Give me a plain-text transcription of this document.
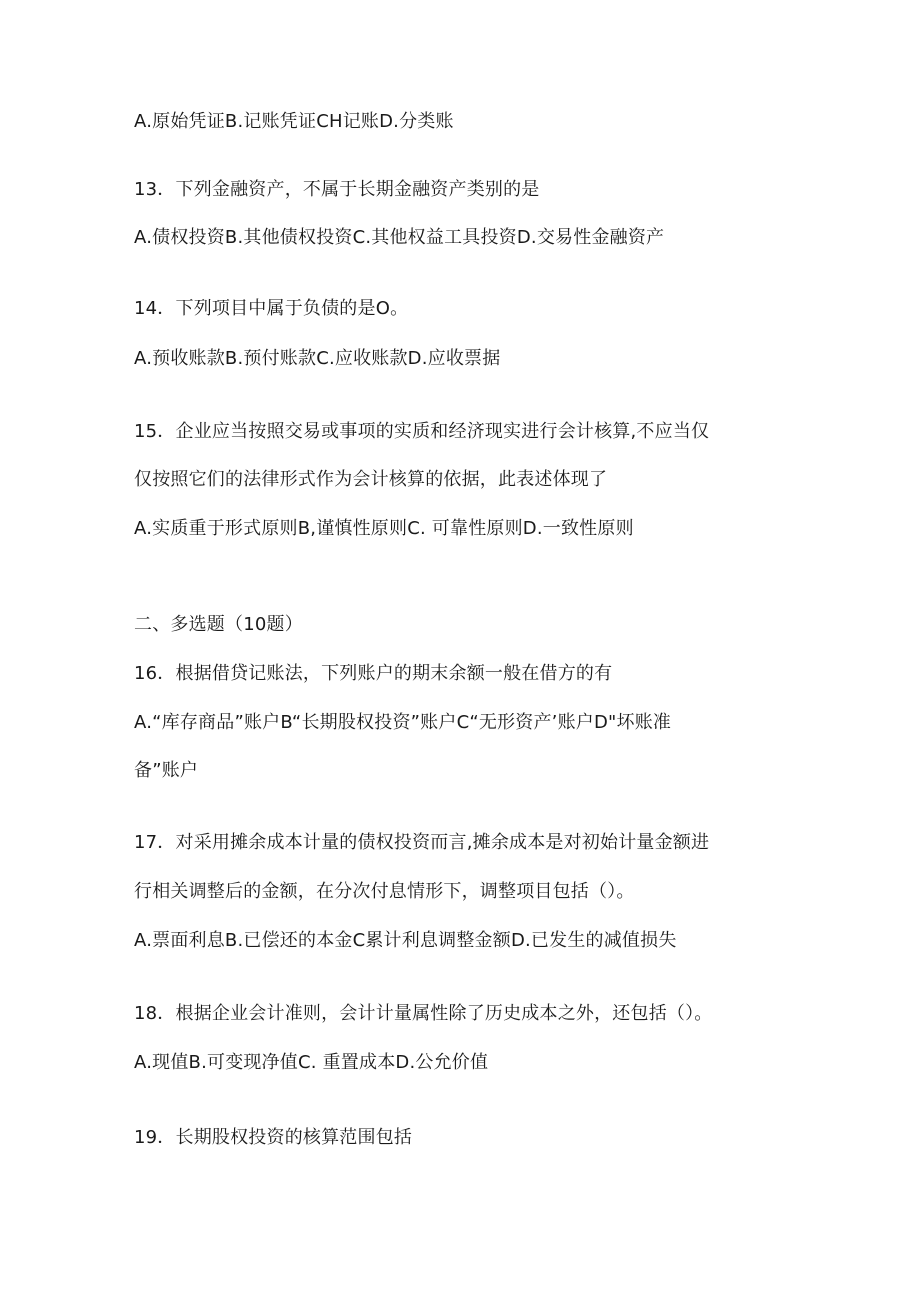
A.原始凭证B.记账凭证CH记账D.分类账
13．下列金融资产，不属于长期金融资产类别的是
A.债权投资B.其他债权投资C.其他权益工具投资D.交易性金融资产
14．下列项目中属于负债的是O。
A.预收账款B.预付账款C.应收账款D.应收票据
15．企业应当按照交易或事项的实质和经济现实进行会计核算,不应当仅
仅按照它们的法律形式作为会计核算的依据，此表述体现了
A.实质重于形式原则B,谨慎性原则C. 可靠性原则D.一致性原则
二、多选题（10题）
16．根据借贷记账法，下列账户的期末余额一般在借方的有
A.“库存商品”账户B“长期股权投资”账户C“无形资产’账户D"坏账准
备”账户
17．对采用摊余成本计量的债权投资而言,摊余成本是对初始计量金额进
行相关调整后的金额，在分次付息情形下，调整项目包括（）。
A.票面利息B.已偿还的本金C累计利息调整金额D.已发生的减值损失
18．根据企业会计准则，会计计量属性除了历史成本之外，还包括（）。
A.现值B.可变现净值C. 重置成本D.公允价值
19．长期股权投资的核算范围包括
